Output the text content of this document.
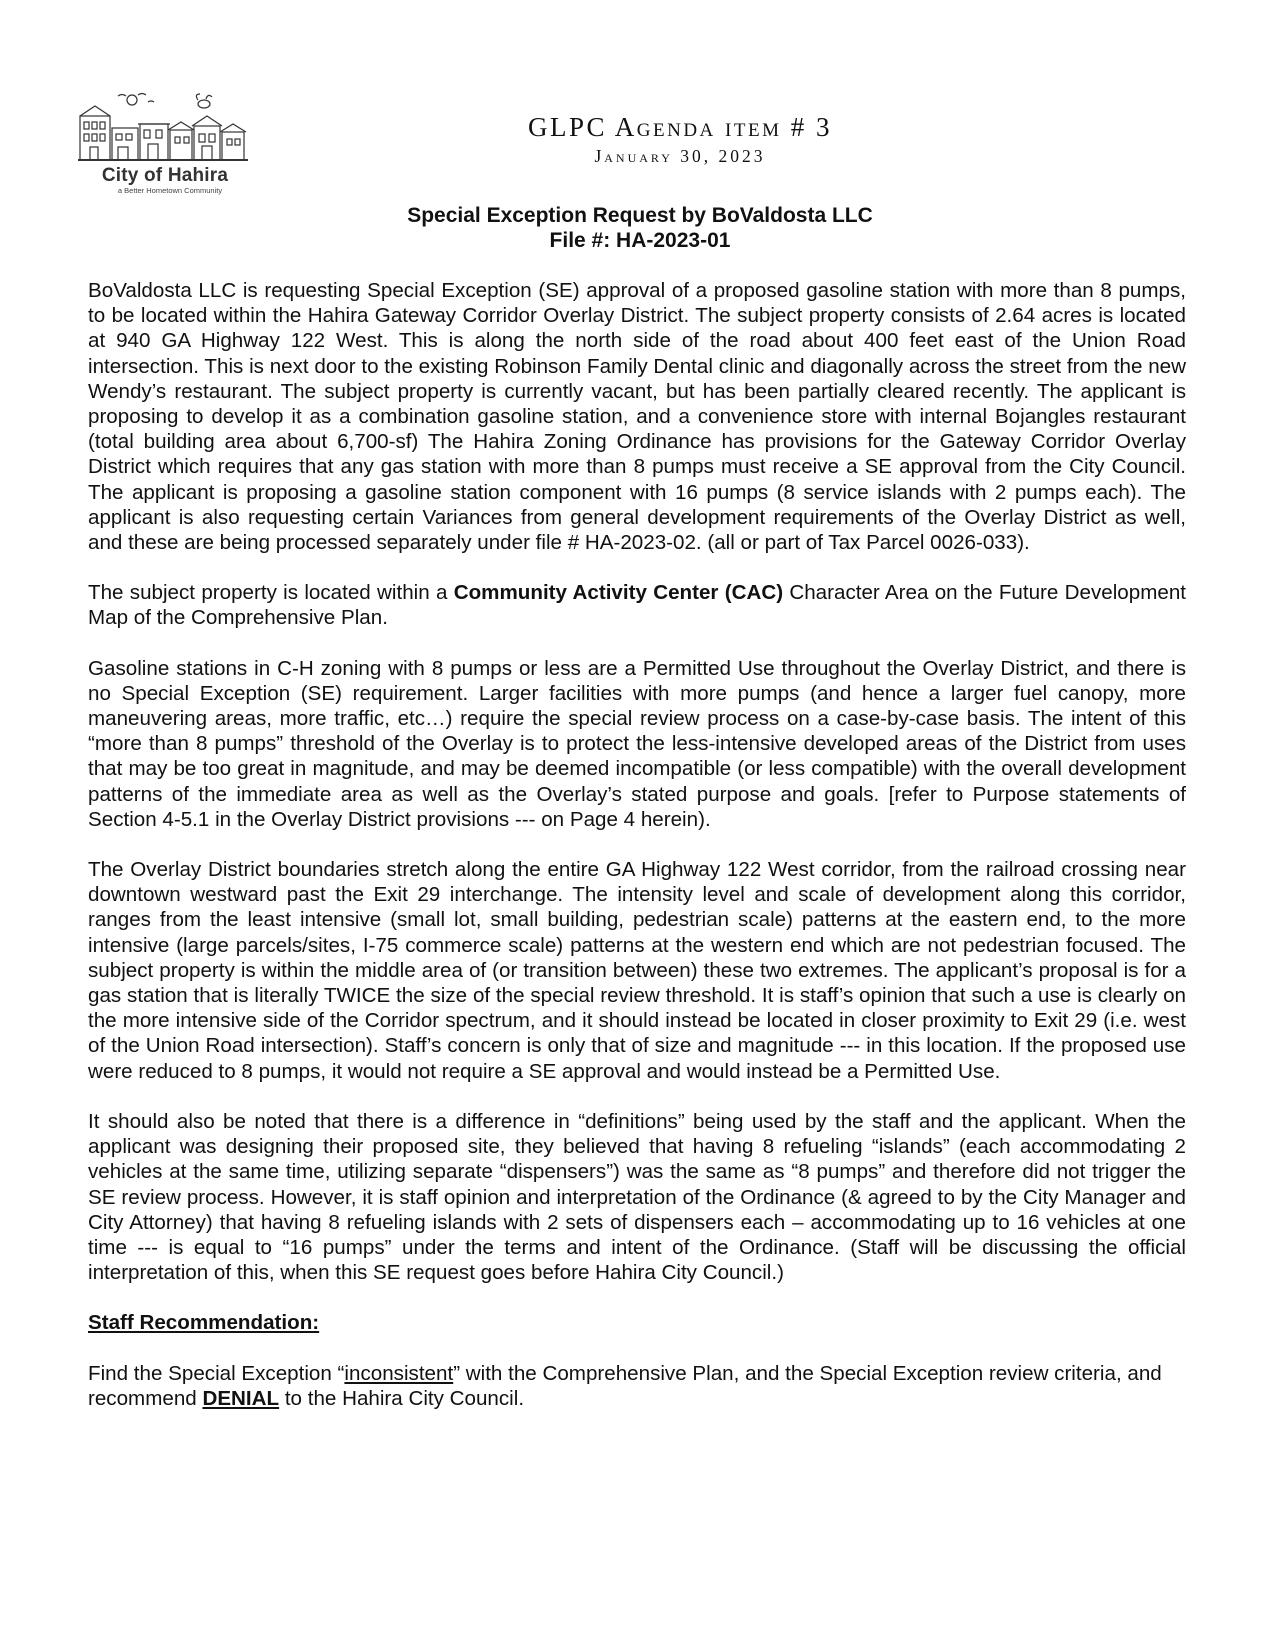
City of Hahira
a Better Hometown Community
GLPC Agenda item # 3
January 30, 2023
Special Exception Request by BoValdosta LLC
File #: HA-2023-01

BoValdosta LLC is requesting Special Exception (SE) approval of a proposed gasoline station with more than 8 pumps, to be located within the Hahira Gateway Corridor Overlay District. The subject property consists of 2.64 acres is located at 940 GA Highway 122 West. This is along the north side of the road about 400 feet east of the Union Road intersection. This is next door to the existing Robinson Family Dental clinic and diagonally across the street from the new Wendy’s restaurant. The subject property is currently vacant, but has been partially cleared recently. The applicant is proposing to develop it as a combination gasoline station, and a convenience store with internal Bojangles restaurant (total building area about 6,700-sf) The Hahira Zoning Ordinance has provisions for the Gateway Corridor Overlay District which requires that any gas station with more than 8 pumps must receive a SE approval from the City Council. The applicant is proposing a gasoline station component with 16 pumps (8 service islands with 2 pumps each). The applicant is also requesting certain Variances from general development requirements of the Overlay District as well, and these are being processed separately under file # HA-2023-02. (all or part of Tax Parcel 0026-033).

The subject property is located within a Community Activity Center (CAC) Character Area on the Future Development Map of the Comprehensive Plan.

Gasoline stations in C-H zoning with 8 pumps or less are a Permitted Use throughout the Overlay District, and there is no Special Exception (SE) requirement. Larger facilities with more pumps (and hence a larger fuel canopy, more maneuvering areas, more traffic, etc…) require the special review process on a case-by-case basis. The intent of this “more than 8 pumps” threshold of the Overlay is to protect the less-intensive developed areas of the District from uses that may be too great in magnitude, and may be deemed incompatible (or less compatible) with the overall development patterns of the immediate area as well as the Overlay’s stated purpose and goals. [refer to Purpose statements of Section 4-5.1 in the Overlay District provisions --- on Page 4 herein).

The Overlay District boundaries stretch along the entire GA Highway 122 West corridor, from the railroad crossing near downtown westward past the Exit 29 interchange. The intensity level and scale of development along this corridor, ranges from the least intensive (small lot, small building, pedestrian scale) patterns at the eastern end, to the more intensive (large parcels/sites, I-75 commerce scale) patterns at the western end which are not pedestrian focused. The subject property is within the middle area of (or transition between) these two extremes. The applicant’s proposal is for a gas station that is literally TWICE the size of the special review threshold. It is staff’s opinion that such a use is clearly on the more intensive side of the Corridor spectrum, and it should instead be located in closer proximity to Exit 29 (i.e. west of the Union Road intersection). Staff’s concern is only that of size and magnitude --- in this location. If the proposed use were reduced to 8 pumps, it would not require a SE approval and would instead be a Permitted Use.

It should also be noted that there is a difference in “definitions” being used by the staff and the applicant. When the applicant was designing their proposed site, they believed that having 8 refueling “islands” (each accommodating 2 vehicles at the same time, utilizing separate “dispensers”) was the same as “8 pumps” and therefore did not trigger the SE review process. However, it is staff opinion and interpretation of the Ordinance (& agreed to by the City Manager and City Attorney) that having 8 refueling islands with 2 sets of dispensers each – accommodating up to 16 vehicles at one time --- is equal to “16 pumps” under the terms and intent of the Ordinance. (Staff will be discussing the official interpretation of this, when this SE request goes before Hahira City Council.)

Staff Recommendation:

Find the Special Exception “inconsistent” with the Comprehensive Plan, and the Special Exception review criteria, and recommend DENIAL to the Hahira City Council.
